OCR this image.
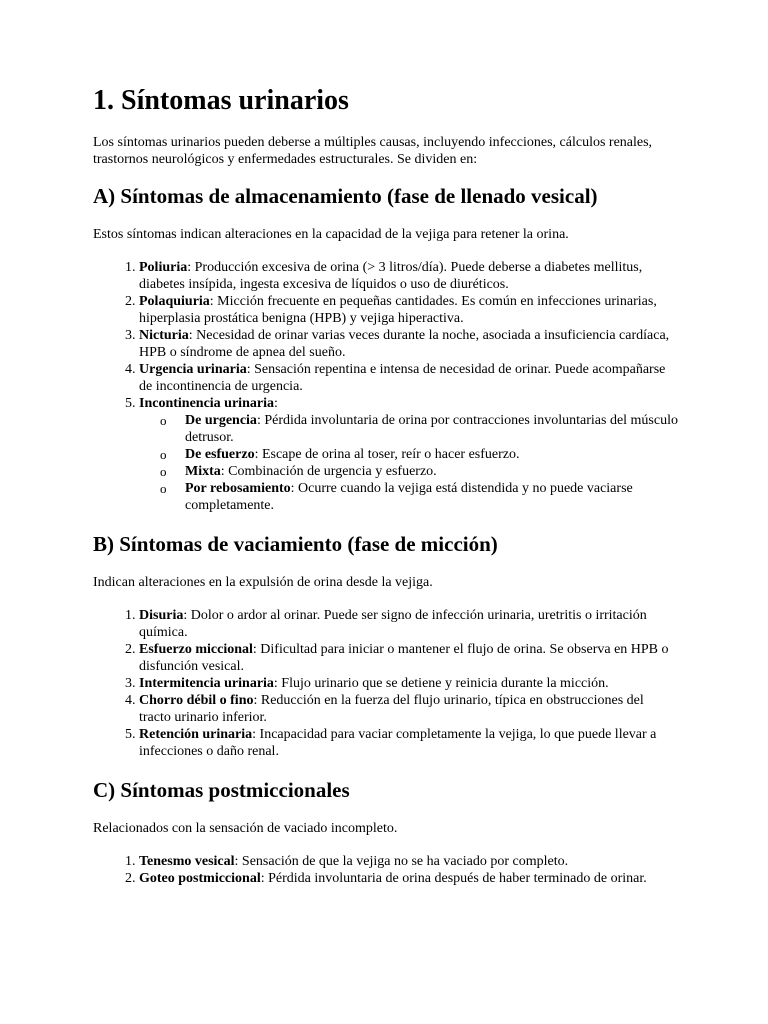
1. Síntomas urinarios

Los síntomas urinarios pueden deberse a múltiples causas, incluyendo infecciones, cálculos renales, trastornos neurológicos y enfermedades estructurales. Se dividen en:

A) Síntomas de almacenamiento (fase de llenado vesical)

Estos síntomas indican alteraciones en la capacidad de la vejiga para retener la orina.

1. Poliuria: Producción excesiva de orina (> 3 litros/día). Puede deberse a diabetes mellitus, diabetes insípida, ingesta excesiva de líquidos o uso de diuréticos.
2. Polaquiuria: Micción frecuente en pequeñas cantidades. Es común en infecciones urinarias, hiperplasia prostática benigna (HPB) y vejiga hiperactiva.
3. Nicturia: Necesidad de orinar varias veces durante la noche, asociada a insuficiencia cardíaca, HPB o síndrome de apnea del sueño.
4. Urgencia urinaria: Sensación repentina e intensa de necesidad de orinar. Puede acompañarse de incontinencia de urgencia.
5. Incontinencia urinaria:
o De urgencia: Pérdida involuntaria de orina por contracciones involuntarias del músculo detrusor.
o De esfuerzo: Escape de orina al toser, reír o hacer esfuerzo.
o Mixta: Combinación de urgencia y esfuerzo.
o Por rebosamiento: Ocurre cuando la vejiga está distendida y no puede vaciarse completamente.
B) Síntomas de vaciamiento (fase de micción)

Indican alteraciones en la expulsión de orina desde la vejiga.

1. Disuria: Dolor o ardor al orinar. Puede ser signo de infección urinaria, uretritis o irritación química.
2. Esfuerzo miccional: Dificultad para iniciar o mantener el flujo de orina. Se observa en HPB o disfunción vesical.
3. Intermitencia urinaria: Flujo urinario que se detiene y reinicia durante la micción.
4. Chorro débil o fino: Reducción en la fuerza del flujo urinario, típica en obstrucciones del tracto urinario inferior.
5. Retención urinaria: Incapacidad para vaciar completamente la vejiga, lo que puede llevar a infecciones o daño renal.
C) Síntomas postmiccionales

Relacionados con la sensación de vaciado incompleto.

1. Tenesmo vesical: Sensación de que la vejiga no se ha vaciado por completo.
2. Goteo postmiccional: Pérdida involuntaria de orina después de haber terminado de orinar.
